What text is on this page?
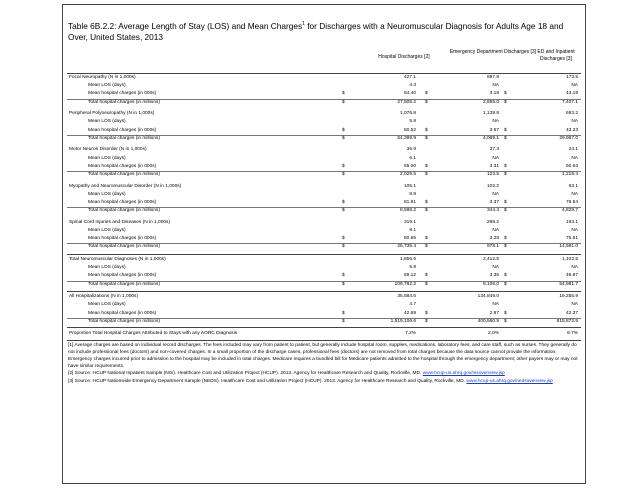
Table 6B.2.2: Average Length of Stay (LOS) and Mean Charges$^1$ for Discharges with a Neuromuscular Diagnosis for Adults Age 18 and Over, United States, 2013
Hospital Discharges [2]
Emergency Department Discharges [3] ED and Inpatient Discharges [3]
Focal Neuropathy (N in 1,000s)	427.1	897.8	173.5
Mean LOS (days)	4.3	NA	NA
Mean hospital charges (in 000s)	$	64.40 $	3.18 $	43.19
Total hospital charges (in millions)	$	27,505.2 $	2,855.0 $	7,407.1
Peripheral Polyneuropathy (N in 1,000s)	1,076.8	1,139.8	693.2
Mean LOS (days)	5.8	NA	NA
Mean hospital charges (in 000s)	$	50.52 $	3.57 $	43.23
Total hospital charges (in millions)	$	54,399.9 $	4,069.1 $	29,967.0
Motor Neuron Disorder (N in 1,000s)	36.9	37.3	24.1
Mean LOS (days)	6.1	NA	NA
Mean hospital charges (in 000s)	$	55.00 $	3.31 $	50.63
Total hospital charges (in millions)	$	2,029.5 $	123.5 $	1,215.4
Myopathy and Neuromuscular Disorder (N in 1,000s)	105.1	102.2	63.1
Mean LOS (days)	8.9	NA	NA
Mean hospital charges (in 000s)	$	81.81 $	3.37 $	76.54
Total hospital charges (in millions)	$	8,598.2 $	344.4 $	4,829.7
Spinal Cord Injuries and Diseases (N in 1,000s)	319.1	298.2	193.1
Mean LOS (days)	8.1	NA	NA
Mean hospital charges (in 000s)	$	80.65 $	3.28 $	75.51
Total hospital charges (in millions)	$	25,735.4 $	978.1 $	14,581.0
Total Neuromuscular Diagnoses (N in 1,000s)	1,856.6	2,412.5	1,102.5
Mean LOS (days)	5.9	NA	NA
Mean hospital charges (in 000s)	$	59.12 $	3.36 $	49.87
Total hospital charges (in millions)	$	109,762.2 $	8,106.0 $	54,981.7
All Hospitalizations (N in 1,000s)	35,584.6	134,849.0	19,255.9
Mean LOS (days)	4.7	NA	NA
Mean hospital charges (in 000s)	$	42.69 $	2.97 $	42.37
Total hospital charges (in millions)	$	1,519,106.6 $	400,560.9 $	815,872.5
Proportion Total Hospital Charges Attributed to Stays with any AORC Diagnosis	7.2%	2.0%	6.7%

[1] Average charges are based on individual record discharges. The fees included may vary from patient to patient, but generally include hospital room, supplies, medications, laboratory fees, and care staff, such as nurses. They generally do not include professional fees (doctors) and non-covered charges. In a small proportion of the discharge cases, professional fees (doctors) are not removed from total charges because the data source cannot provide the information. Emergency charges incurred prior to admission to the hospital may be included in total charges. Medicare requires a bundled bill for Medicare patients admitted to the hospital through the emergency department; other payers may or may not have similar requirements.

[2] Source: HCUP National Inpatient Sample (NIS). Healthcare Cost and Utilization Project (HCUP). 2013. Agency for Healthcare Research and Quality, Rockville, MD. www.hcup-us.ahrq.gov/nisoverview.jsp

[3] Source: HCUP Nationwide Emergency Department Sample (NEDS). Healthcare Cost and Utilization Project (HCUP). 2013. Agency for Healthcare Research and Quality, Rockville, MD. www.hcup-us.ahrq.gov/nedsoverview.jsp
